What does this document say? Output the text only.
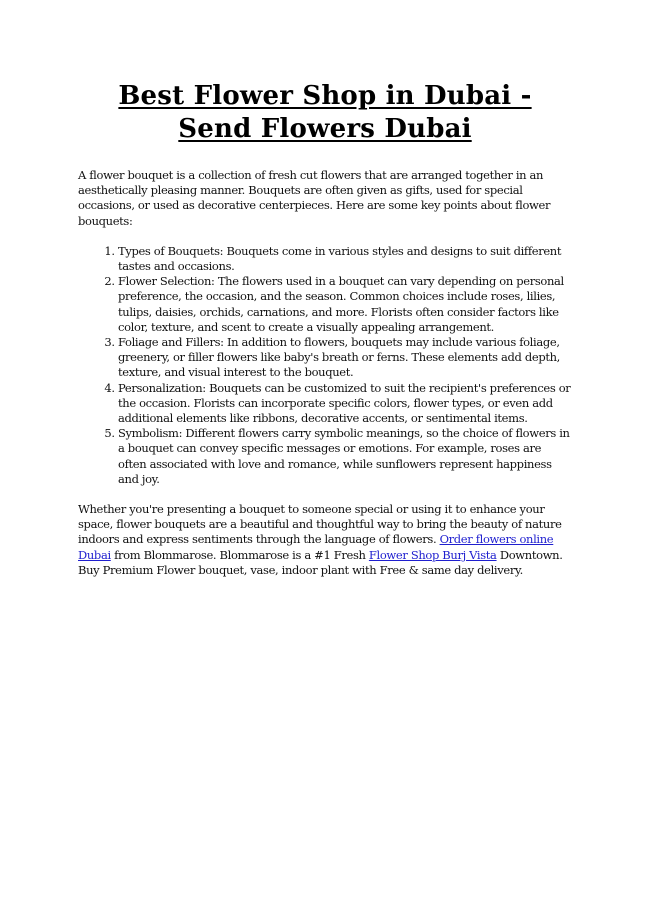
Best Flower Shop in Dubai -
Send Flowers Dubai

A flower bouquet is a collection of fresh cut flowers that are arranged together in an aesthetically pleasing manner. Bouquets are often given as gifts, used for special occasions, or used as decorative centerpieces. Here are some key points about flower bouquets:

1. Types of Bouquets: Bouquets come in various styles and designs to suit different tastes and occasions.
2. Flower Selection: The flowers used in a bouquet can vary depending on personal preference, the occasion, and the season. Common choices include roses, lilies, tulips, daisies, orchids, carnations, and more. Florists often consider factors like color, texture, and scent to create a visually appealing arrangement.
3. Foliage and Fillers: In addition to flowers, bouquets may include various foliage, greenery, or filler flowers like baby's breath or ferns. These elements add depth, texture, and visual interest to the bouquet.
4. Personalization: Bouquets can be customized to suit the recipient's preferences or the occasion. Florists can incorporate specific colors, flower types, or even add additional elements like ribbons, decorative accents, or sentimental items.
5. Symbolism: Different flowers carry symbolic meanings, so the choice of flowers in a bouquet can convey specific messages or emotions. For example, roses are often associated with love and romance, while sunflowers represent happiness and joy.

Whether you're presenting a bouquet to someone special or using it to enhance your space, flower bouquets are a beautiful and thoughtful way to bring the beauty of nature indoors and express sentiments through the language of flowers. Order flowers online Dubai from Blommarose. Blommarose is a #1 Fresh Flower Shop Burj Vista Downtown. Buy Premium Flower bouquet, vase, indoor plant with Free & same day delivery.
